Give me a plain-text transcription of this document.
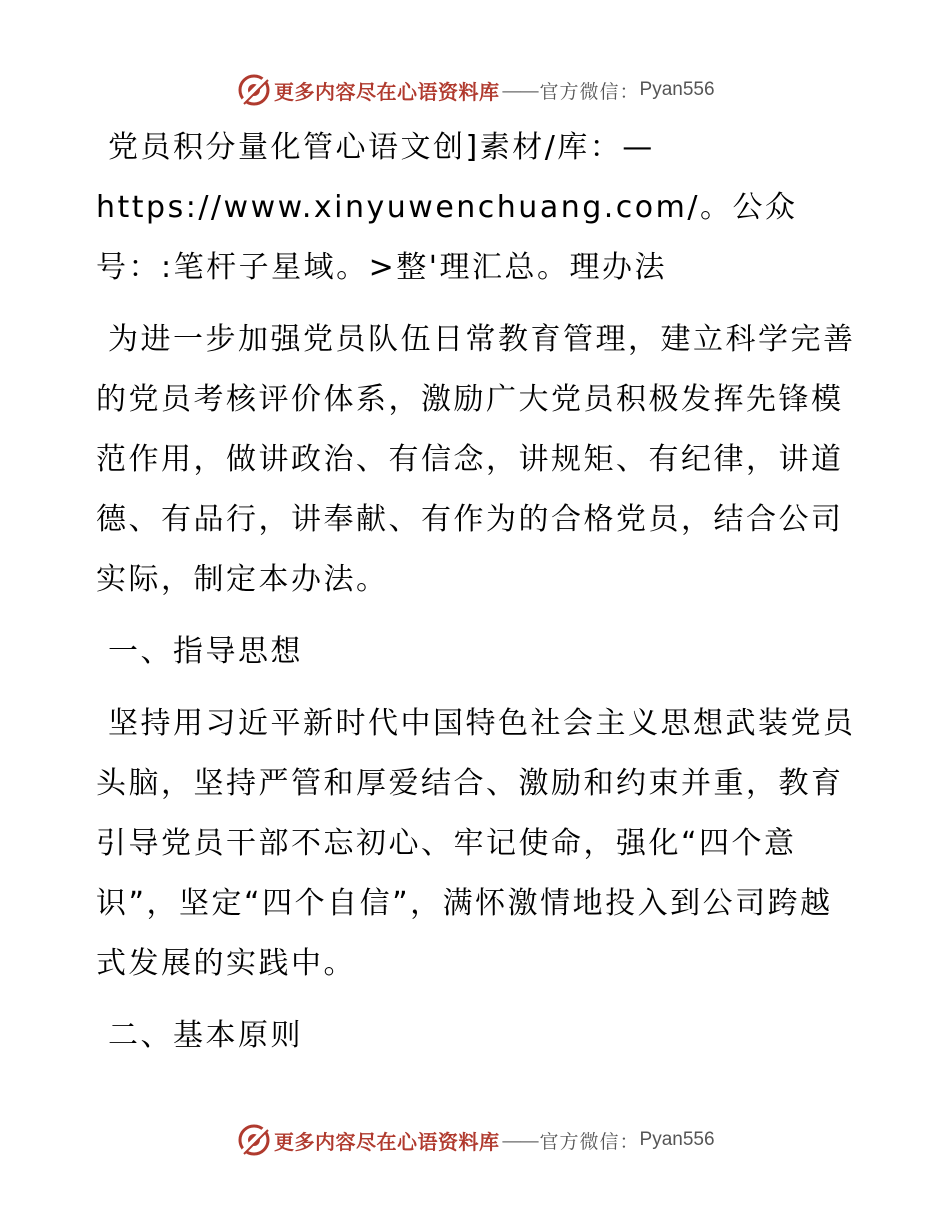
更多内容尽在心语资料库 —— 官方微信： Pyan556

党员积分量化管心语文创]素材/库：—https://www.xinyuwenchuang.com/。公众号：:笔杆子星域。>整'理汇总。理办法

为进一步加强党员队伍日常教育管理，建立科学完善的党员考核评价体系，激励广大党员积极发挥先锋模范作用，做讲政治、有信念，讲规矩、有纪律，讲道德、有品行，讲奉献、有作为的合格党员，结合公司实际，制定本办法。

一、指导思想

坚持用习近平新时代中国特色社会主义思想武装党员头脑，坚持严管和厚爱结合、激励和约束并重，教育引导党员干部不忘初心、牢记使命，强化“四个意识”，坚定“四个自信”，满怀激情地投入到公司跨越式发展的实践中。

二、基本原则

更多内容尽在心语资料库 —— 官方微信： Pyan556
